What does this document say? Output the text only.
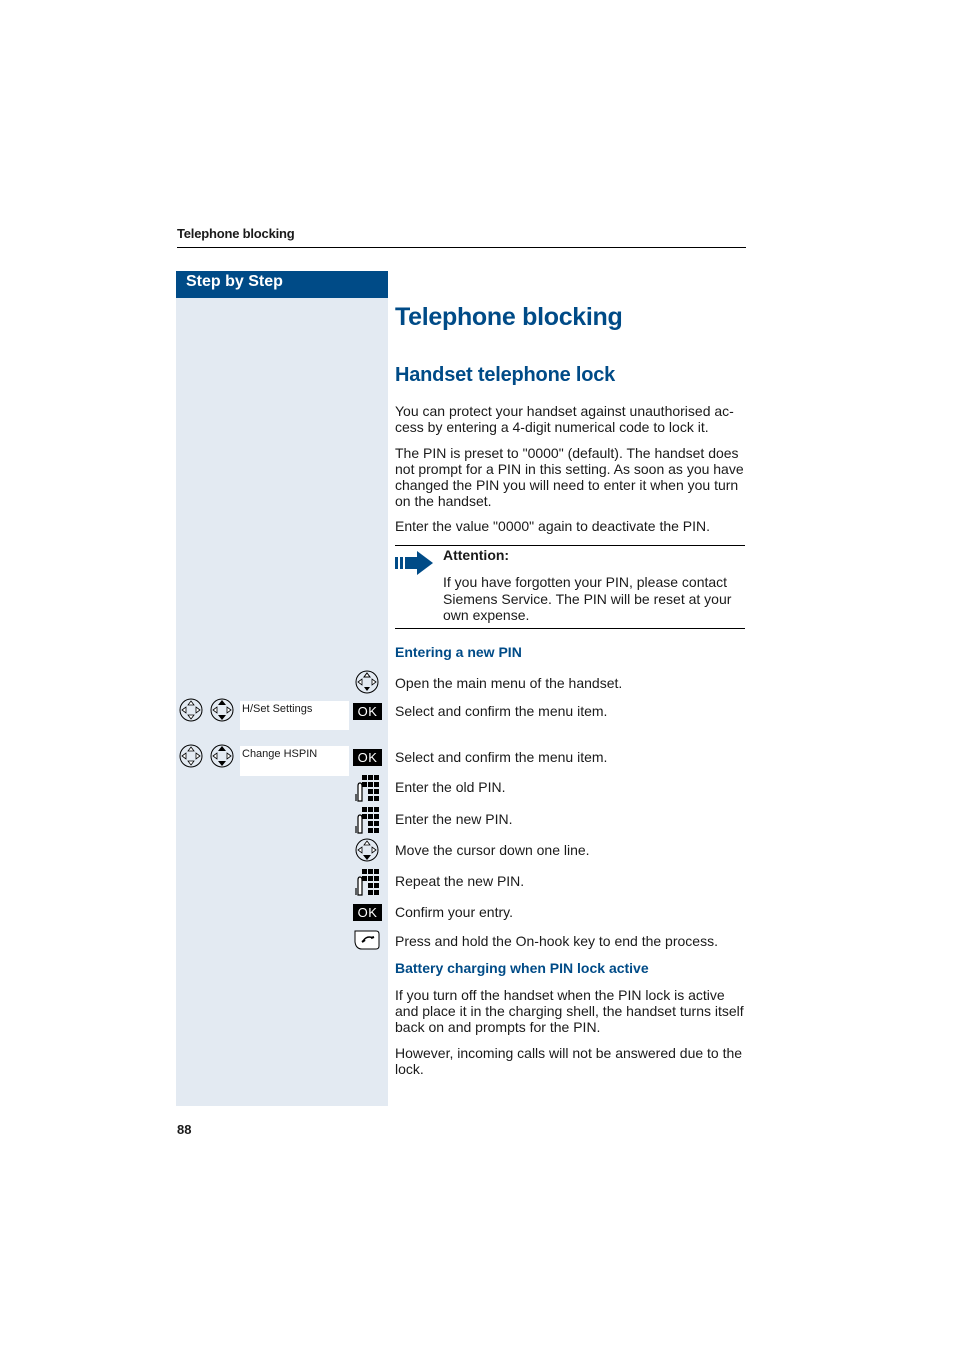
Telephone blocking
Step by Step
Telephone blocking
Handset telephone lock
You can protect your handset against unauthorised ac-cess by entering a 4-digit numerical code to lock it.
The PIN is preset to "0000" (default). The handset does not prompt for a PIN in this setting. As soon as you have changed the PIN you will need to enter it when you turn on the handset.
Enter the value "0000" again to deactivate the PIN.
Attention:
If you have forgotten your PIN, please contact Siemens Service. The PIN will be reset at your own expense.
Entering a new PIN
Open the main menu of the handset.
H/Set Settings	OK	Select and confirm the menu item.
Change HSPIN	OK	Select and confirm the menu item.
Enter the old PIN.
Enter the new PIN.
Move the cursor down one line.
Repeat the new PIN.
OK	Confirm your entry.
Press and hold the On-hook key to end the process.
Battery charging when PIN lock active
If you turn off the handset when the PIN lock is active and place it in the charging shell, the handset turns itself back on and prompts for the PIN.
However, incoming calls will not be answered due to the lock.
88
